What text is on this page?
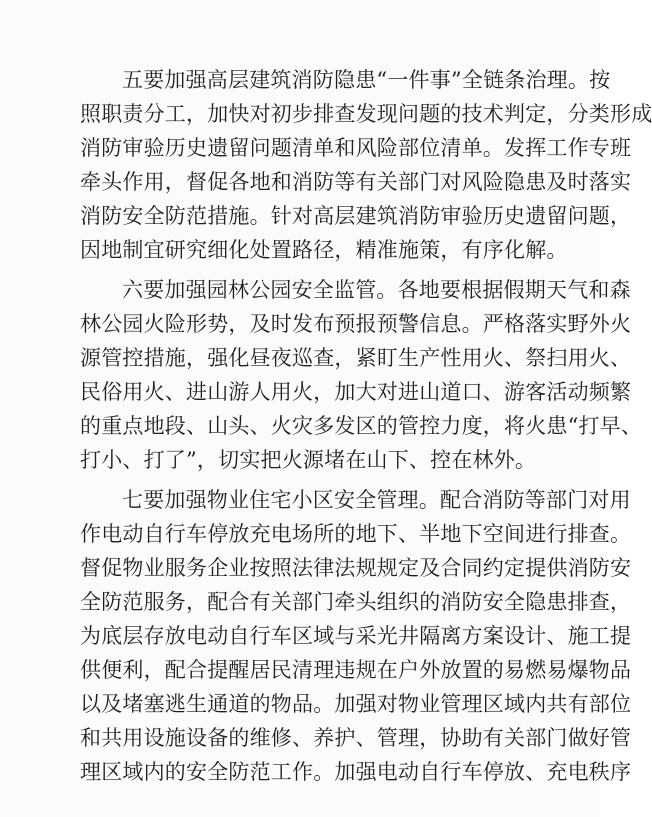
五要加强高层建筑消防隐患“一件事”全链条治理。按
照职责分工，加快对初步排查发现问题的技术判定，分类形成
消防审验历史遗留问题清单和风险部位清单。发挥工作专班
牵头作用，督促各地和消防等有关部门对风险隐患及时落实
消防安全防范措施。针对高层建筑消防审验历史遗留问题，
因地制宜研究细化处置路径，精准施策，有序化解。
六要加强园林公园安全监管。各地要根据假期天气和森
林公园火险形势，及时发布预报预警信息。严格落实野外火
源管控措施，强化昼夜巡查，紧盯生产性用火、祭扫用火、
民俗用火、进山游人用火，加大对进山道口、游客活动频繁
的重点地段、山头、火灾多发区的管控力度，将火患“打早、
打小、打了”，切实把火源堵在山下、控在林外。
七要加强物业住宅小区安全管理。配合消防等部门对用
作电动自行车停放充电场所的地下、半地下空间进行排查。
督促物业服务企业按照法律法规规定及合同约定提供消防安
全防范服务，配合有关部门牵头组织的消防安全隐患排查，
为底层存放电动自行车区域与采光井隔离方案设计、施工提
供便利，配合提醒居民清理违规在户外放置的易燃易爆物品
以及堵塞逃生通道的物品。加强对物业管理区域内共有部位
和共用设施设备的维修、养护、管理，协助有关部门做好管
理区域内的安全防范工作。加强电动自行车停放、充电秩序
